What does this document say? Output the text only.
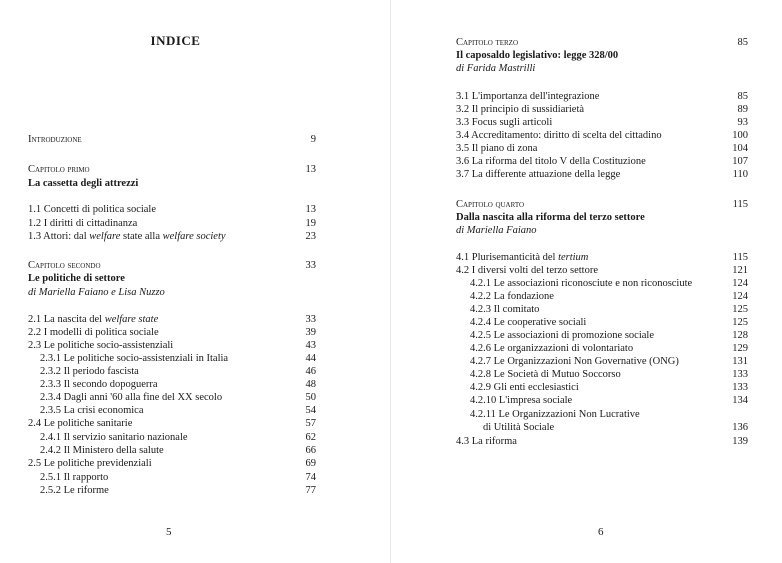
INDICE
Introduzione	9
Capitolo primo	13
La cassetta degli attrezzi
1.1 Concetti di politica sociale	13
1.2 I diritti di cittadinanza	19
1.3 Attori: dal welfare state alla welfare society	23
Capitolo secondo	33
Le politiche di settore
di Mariella Faiano e Lisa Nuzzo
2.1 La nascita del welfare state	33
2.2 I modelli di politica sociale	39
2.3 Le politiche socio-assistenziali	43
2.3.1 Le politiche socio-assistenziali in Italia	44
2.3.2 Il periodo fascista	46
2.3.3 Il secondo dopoguerra	48
2.3.4 Dagli anni '60 alla fine del XX secolo	50
2.3.5 La crisi economica	54
2.4 Le politiche sanitarie	57
2.4.1 Il servizio sanitario nazionale	62
2.4.2 Il Ministero della salute	66
2.5 Le politiche previdenziali	69
2.5.1 Il rapporto	74
2.5.2 Le riforme	77
5
Capitolo terzo	85
Il caposaldo legislativo: legge 328/00
di Farida Mastrilli
3.1 L'importanza dell'integrazione	85
3.2 Il principio di sussidiarietà	89
3.3 Focus sugli articoli	93
3.4 Accreditamento: diritto di scelta del cittadino	100
3.5 Il piano di zona	104
3.6 La riforma del titolo V della Costituzione	107
3.7 La differente attuazione della legge	110
Capitolo quarto	115
Dalla nascita alla riforma del terzo settore
di Mariella Faiano
4.1 Plurisemanticità del tertium	115
4.2 I diversi volti del terzo settore	121
4.2.1 Le associazioni riconosciute e non riconosciute	124
4.2.2 La fondazione	124
4.2.3 Il comitato	125
4.2.4 Le cooperative sociali	125
4.2.5 Le associazioni di promozione sociale	128
4.2.6 Le organizzazioni di volontariato	129
4.2.7 Le Organizzazioni Non Governative (ONG)	131
4.2.8 Le Società di Mutuo Soccorso	133
4.2.9 Gli enti ecclesiastici	133
4.2.10 L'impresa sociale	134
4.2.11 Le Organizzazioni Non Lucrative
di Utilità Sociale	136
4.3 La riforma	139
6
